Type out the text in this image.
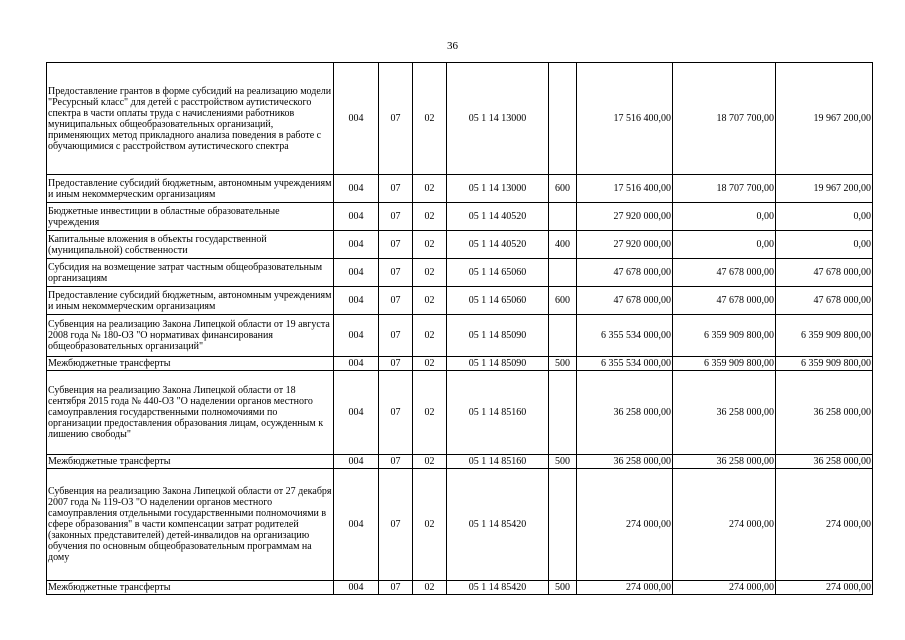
36
Предоставление грантов в форме субсидий на реализацию модели "Ресурсный класс" для детей с расстройством аутистического спектра в части оплаты труда с начислениями работников муниципальных общеобразовательных организаций, применяющих метод прикладного анализа поведения в работе с обучающимися с расстройством аутистического спектра	004	07	02	05 1 14 13000		17 516 400,00	18 707 700,00	19 967 200,00
Предоставление субсидий бюджетным, автономным учреждениям и иным некоммерческим организациям	004	07	02	05 1 14 13000	600	17 516 400,00	18 707 700,00	19 967 200,00
Бюджетные инвестиции в областные образовательные учреждения	004	07	02	05 1 14 40520		27 920 000,00	0,00	0,00
Капитальные вложения в объекты государственной (муниципальной) собственности	004	07	02	05 1 14 40520	400	27 920 000,00	0,00	0,00
Субсидия на возмещение затрат частным общеобразовательным организациям	004	07	02	05 1 14 65060		47 678 000,00	47 678 000,00	47 678 000,00
Предоставление субсидий бюджетным, автономным учреждениям и иным некоммерческим организациям	004	07	02	05 1 14 65060	600	47 678 000,00	47 678 000,00	47 678 000,00
Субвенция на реализацию Закона Липецкой области от 19 августа 2008 года № 180-ОЗ "О нормативах финансирования общеобразовательных организаций"	004	07	02	05 1 14 85090		6 355 534 000,00	6 359 909 800,00	6 359 909 800,00
Межбюджетные трансферты	004	07	02	05 1 14 85090	500	6 355 534 000,00	6 359 909 800,00	6 359 909 800,00
Субвенция на реализацию Закона Липецкой области от 18 сентября 2015 года № 440-ОЗ "О наделении органов местного самоуправления государственными полномочиями по организации предоставления образования лицам, осужденным к лишению свободы"	004	07	02	05 1 14 85160		36 258 000,00	36 258 000,00	36 258 000,00
Межбюджетные трансферты	004	07	02	05 1 14 85160	500	36 258 000,00	36 258 000,00	36 258 000,00
Субвенция на реализацию Закона Липецкой области от 27 декабря 2007 года № 119-ОЗ "О наделении органов местного самоуправления отдельными государственными полномочиями в сфере образования" в части компенсации затрат родителей (законных представителей) детей-инвалидов на организацию обучения по основным общеобразовательным программам на дому	004	07	02	05 1 14 85420		274 000,00	274 000,00	274 000,00
Межбюджетные трансферты	004	07	02	05 1 14 85420	500	274 000,00	274 000,00	274 000,00
